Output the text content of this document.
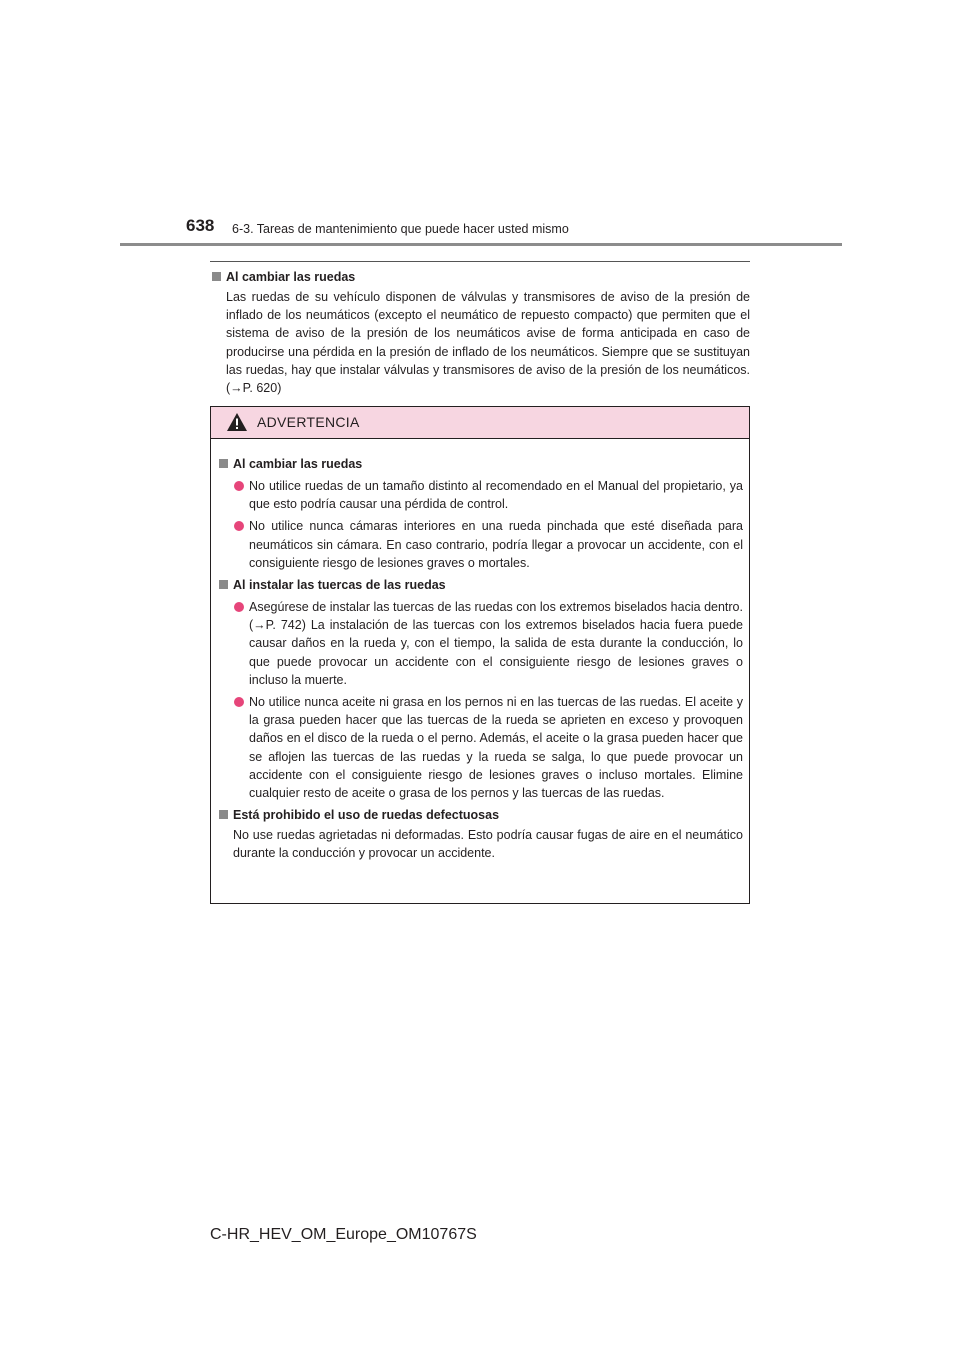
638 6-3. Tareas de mantenimiento que puede hacer usted mismo
Al cambiar las ruedas
Las ruedas de su vehículo disponen de válvulas y transmisores de aviso de la presión de inflado de los neumáticos (excepto el neumático de repuesto compacto) que permiten que el sistema de aviso de la presión de los neumáticos avise de forma anticipada en caso de producirse una pérdida en la presión de inflado de los neumáticos. Siempre que se sustituyan las ruedas, hay que instalar válvulas y transmisores de aviso de la presión de los neumáticos. (→P. 620)
ADVERTENCIA
Al cambiar las ruedas
No utilice ruedas de un tamaño distinto al recomendado en el Manual del propietario, ya que esto podría causar una pérdida de control.
No utilice nunca cámaras interiores en una rueda pinchada que esté diseñada para neumáticos sin cámara. En caso contrario, podría llegar a provocar un accidente, con el consiguiente riesgo de lesiones graves o mortales.
Al instalar las tuercas de las ruedas
Asegúrese de instalar las tuercas de las ruedas con los extremos biselados hacia dentro. (→P. 742) La instalación de las tuercas con los extremos biselados hacia fuera puede causar daños en la rueda y, con el tiempo, la salida de esta durante la conducción, lo que puede provocar un accidente con el consiguiente riesgo de lesiones graves o incluso la muerte.
No utilice nunca aceite ni grasa en los pernos ni en las tuercas de las ruedas. El aceite y la grasa pueden hacer que las tuercas de la rueda se aprieten en exceso y provoquen daños en el disco de la rueda o el perno. Además, el aceite o la grasa pueden hacer que se aflojen las tuercas de las ruedas y la rueda se salga, lo que puede provocar un accidente con el consiguiente riesgo de lesiones graves o incluso mortales. Elimine cualquier resto de aceite o grasa de los pernos y las tuercas de las ruedas.
Está prohibido el uso de ruedas defectuosas
No use ruedas agrietadas ni deformadas. Esto podría causar fugas de aire en el neumático durante la conducción y provocar un accidente.
C-HR_HEV_OM_Europe_OM10767S
